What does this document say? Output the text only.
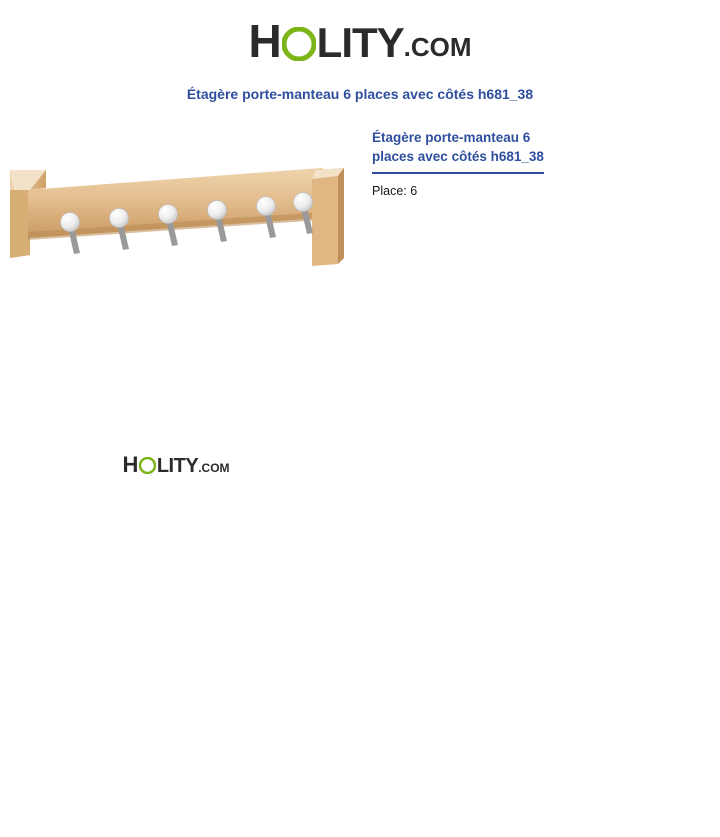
H LITY.COM
Étagère porte-manteau 6 places avec côtés h681_38
Étagère porte-manteau 6 places avec côtés h681_38
Place: 6
H LITY.COM
